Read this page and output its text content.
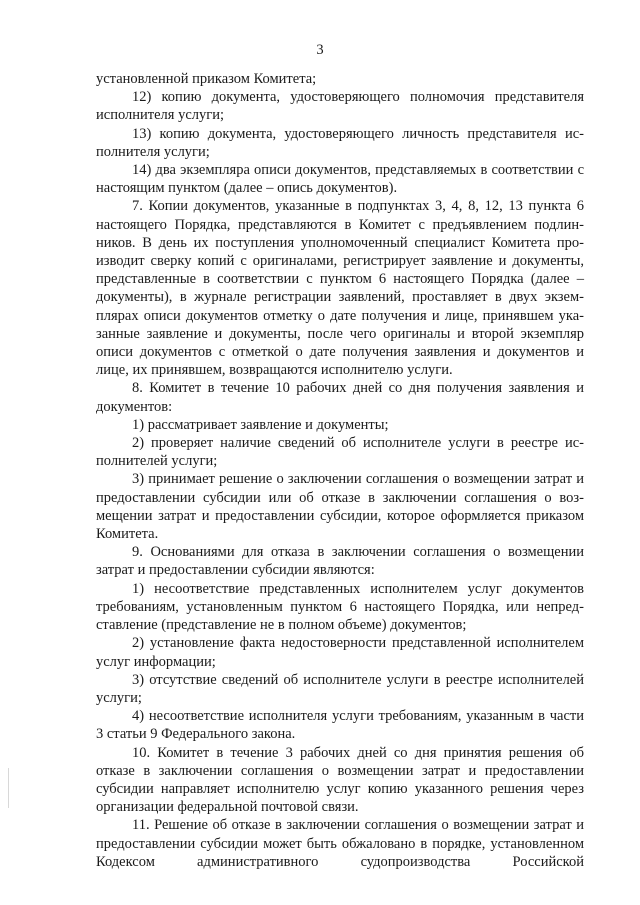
3

установленной приказом Комитета;

12) копию документа, удостоверяющего полномочия представителя исполнителя услуги;

13) копию документа, удостоверяющего личность представителя исполнителя услуги;

14) два экземпляра описи документов, представляемых в соответствии с настоящим пунктом (далее – опись документов).

7. Копии документов, указанные в подпунктах 3, 4, 8, 12, 13 пункта 6 настоящего Порядка, представляются в Комитет с предъявлением подлинников. В день их поступления уполномоченный специалист Комитета производит сверку копий с оригиналами, регистрирует заявление и документы, представленные в соответствии с пунктом 6 настоящего Порядка (далее – документы), в журнале регистрации заявлений, проставляет в двух экземплярах описи документов отметку о дате получения и лице, принявшем указанные заявление и документы, после чего оригиналы и второй экземпляр описи документов с отметкой о дате получения заявления и документов и лице, их принявшем, возвращаются исполнителю услуги.

8. Комитет в течение 10 рабочих дней со дня получения заявления и документов:

1) рассматривает заявление и документы;

2) проверяет наличие сведений об исполнителе услуги в реестре исполнителей услуги;

3) принимает решение о заключении соглашения о возмещении затрат и предоставлении субсидии или об отказе в заключении соглашения о возмещении затрат и предоставлении субсидии, которое оформляется приказом Комитета.

9. Основаниями для отказа в заключении соглашения о возмещении затрат и предоставлении субсидии являются:

1) несоответствие представленных исполнителем услуг документов требованиям, установленным пунктом 6 настоящего Порядка, или непредставление (представление не в полном объеме) документов;

2) установление факта недостоверности представленной исполнителем услуг информации;

3) отсутствие сведений об исполнителе услуги в реестре исполнителей услуги;

4) несоответствие исполнителя услуги требованиям, указанным в части 3 статьи 9 Федерального закона.

10. Комитет в течение 3 рабочих дней со дня принятия решения об отказе в заключении соглашения о возмещении затрат и предоставлении субсидии направляет исполнителю услуг копию указанного решения через организации федеральной почтовой связи.

11. Решение об отказе в заключении соглашения о возмещении затрат и предоставлении субсидии может быть обжаловано в порядке, установленном Кодексом административного судопроизводства Российской
